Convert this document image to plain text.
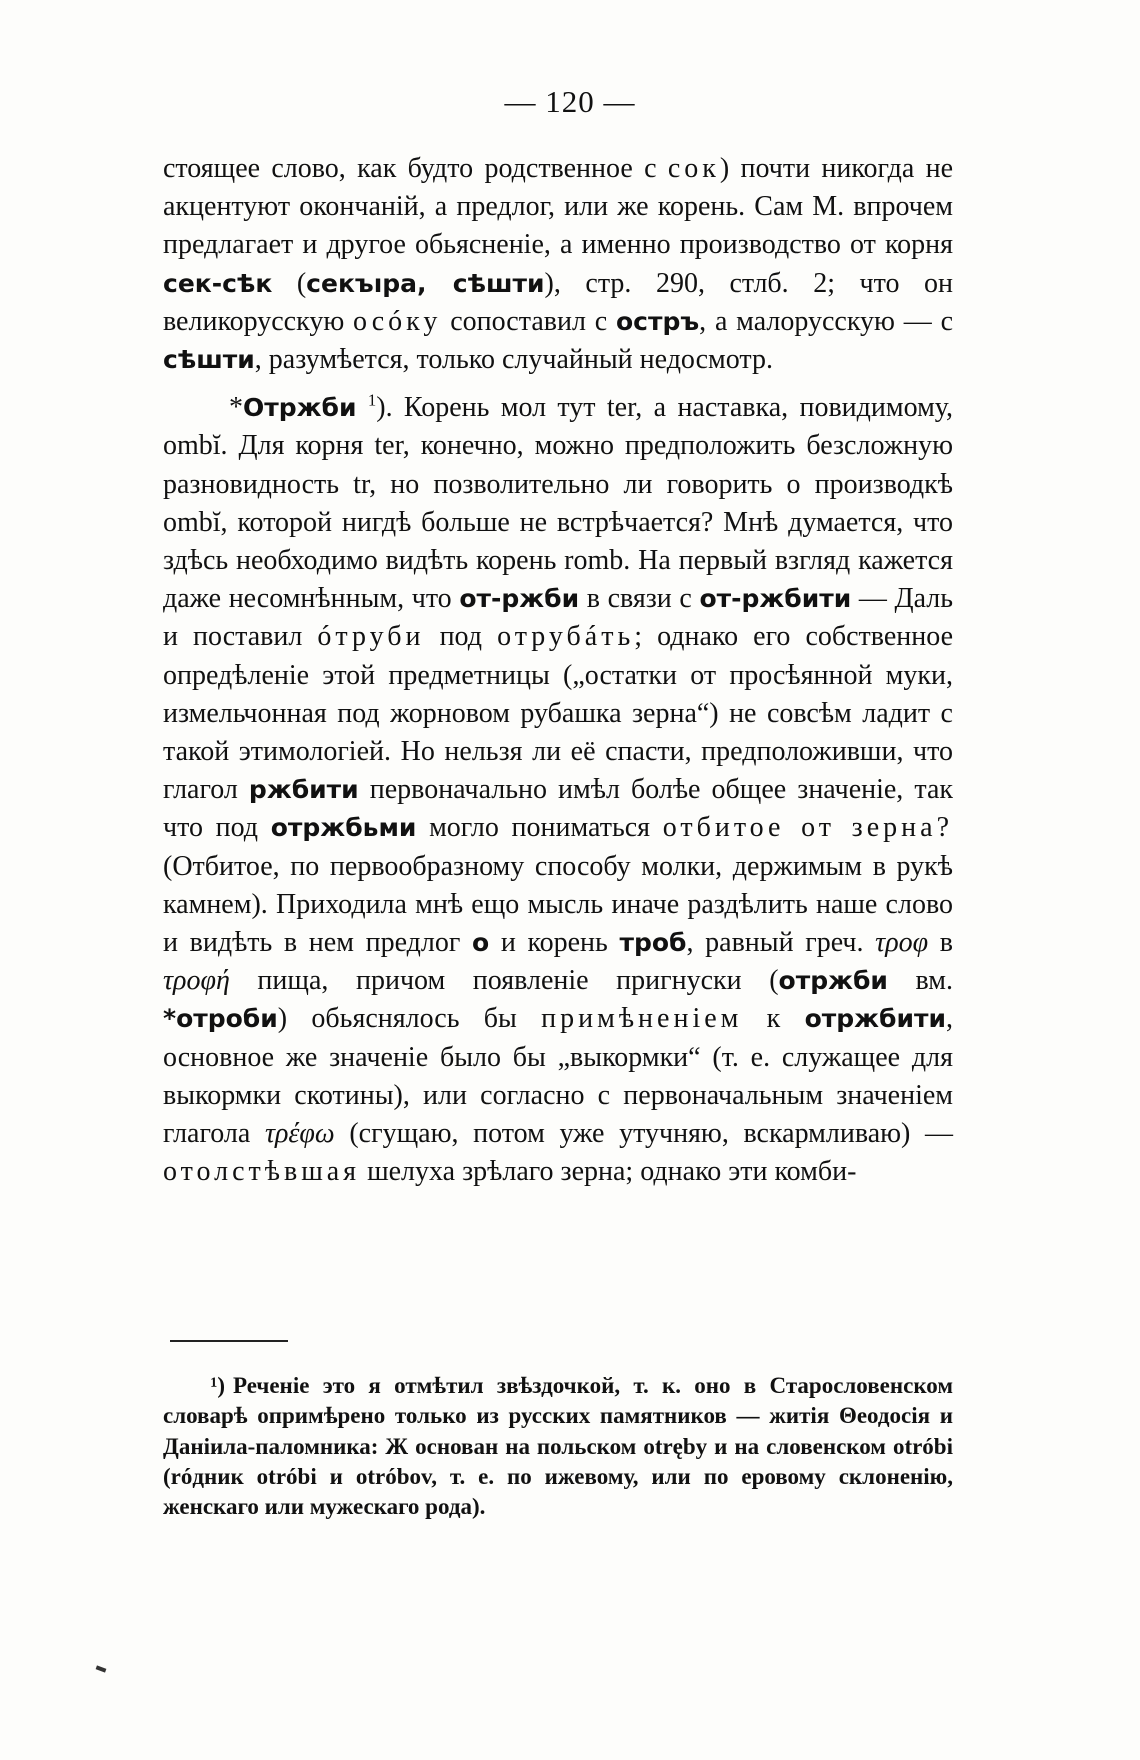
— 120 —

стоящее слово, как будто родственное с сок) почти никогда не акцентуют окончаній, а предлог, или же корень. Сам М. впрочем предлагает и другое обьясненіе, а именно производство от корня сек-сѣк (секъıра, сѣшти), стр. 290, стлб. 2; что он великорусскую осóку сопоставил с остръ, а малорусскую — с сѣшти, разумѣется, только случайный недосмотр.

*Отржби $^1$). Корень мол тут ter, а наставка, повидимому, ombĭ. Для корня ter, конечно, можно предположить безсложную разновидность tr, но позволительно ли говорить о производкѣ ombĭ, которой нигдѣ больше не встрѣчается? Мнѣ думается, что здѣсь необходимо видѣть корень romb. На первый взгляд кажется даже несомнѣнным, что от-ржби в связи с от-ржбити — Даль и поставил óтруби под отрубáть; однако его собственное опредѣленіе этой предметницы („остатки от просѣянной муки, измельчонная под жорновом рубашка зерна“) не совсѣм ладит с такой этимологіей. Но нельзя ли её спасти, предположивши, что глагол ржбити первоначально имѣл болѣе общее значеніе, так что под отржбьми могло пониматься отбитое от зерна? (Отбитое, по первообразному способу молки, держимым в рукѣ камнем). Приходила мнѣ ещо мысль иначе раздѣлить наше слово и видѣть в нем предлог о и корень троб, равный греч. τροφ в τροφή пища, причом появленіе пригнуски (отржби вм. *отроби) обьяснялось бы примѣненіем к отржбити, основное же значеніе было бы „выкормки“ (т. е. служащее для выкормки скотины), или согласно с первоначальным значеніем глагола τρέφω (сгущаю, потом уже утучняю, вскармливаю) — отолстѣвшая шелуха зрѣлаго зерна; однако эти комби-

¹) Реченіе это я отмѣтил звѣздочкой, т. к. оно в Старословенском словарѣ опримѣрено только из русских памятников — житія Θеодосія и Даніила-паломника: Ж основан на польском otręby и на словенском otróbi (róдник otróbi и otróbov, т. е. по ижевому, или по еровому склоненію, женскаго или мужескаго рода).
